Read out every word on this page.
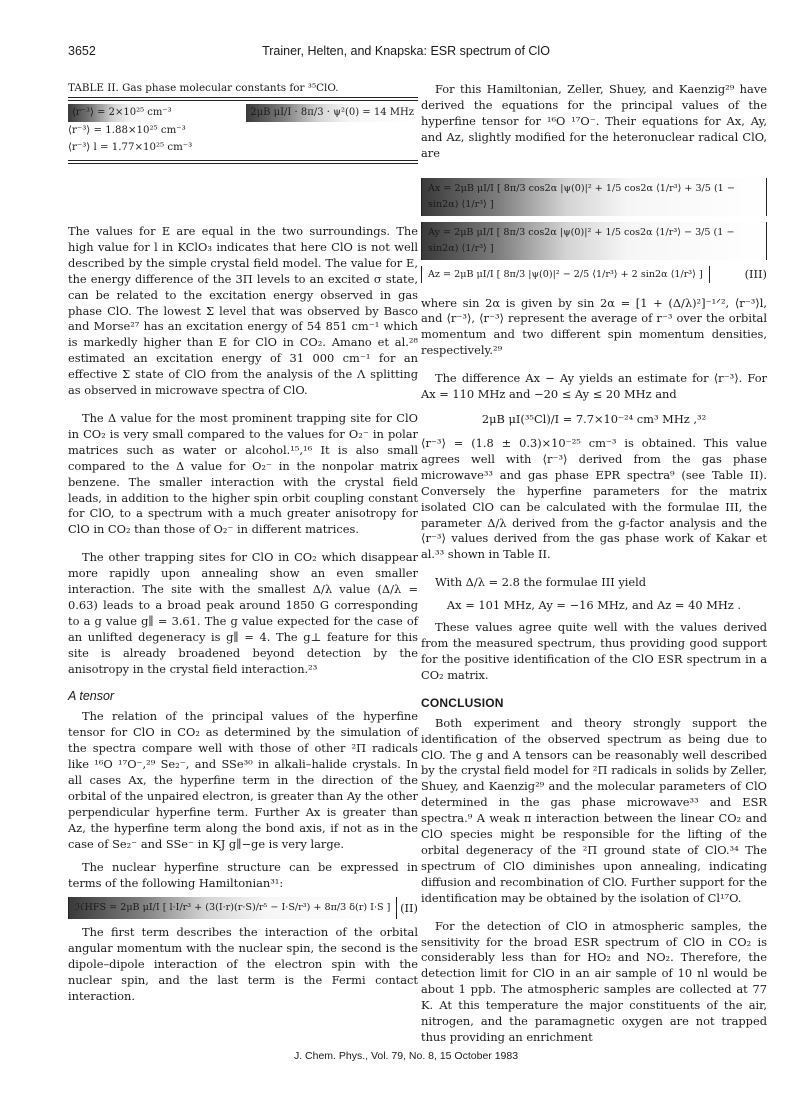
3652	Trainer, Helten, and Knapska: ESR spectrum of ClO
TABLE II. Gas phase molecular constants for ³⁵ClO.
⟨r⁻³⟩ = 2×10²⁵ cm⁻³	2μB μI/I · 8π/3 · ψ²(0) = 14 MHz
⟨r⁻³⟩ = 1.88×10²⁵ cm⁻³
⟨r⁻³⟩ l = 1.77×10²⁵ cm⁻³

The values for E are equal in the two surroundings. The high value for l in KClO₃ indicates that here ClO is not well described by the simple crystal field model. The value for E, the energy difference of the 3Π levels to an excited σ state, can be related to the excitation energy observed in gas phase ClO. The lowest Σ level that was observed by Basco and Morse²⁷ has an excitation energy of 54 851 cm⁻¹ which is markedly higher than E for ClO in CO₂. Amano et al.²⁸ estimated an excitation energy of 31 000 cm⁻¹ for an effective Σ state of ClO from the analysis of the Λ splitting as observed in microwave spectra of ClO.

The Δ value for the most prominent trapping site for ClO in CO₂ is very small compared to the values for O₂⁻ in polar matrices such as water or alcohol.¹⁵,¹⁶ It is also small compared to the Δ value for O₂⁻ in the nonpolar matrix benzene. The smaller interaction with the crystal field leads, in addition to the higher spin orbit coupling constant for ClO, to a spectrum with a much greater anisotropy for ClO in CO₂ than those of O₂⁻ in different matrices.

The other trapping sites for ClO in CO₂ which disappear more rapidly upon annealing show an even smaller interaction. The site with the smallest Δ/λ value (Δ/λ = 0.63) leads to a broad peak around 1850 G corresponding to a g value g∥ = 3.61. The g value expected for the case of an unlifted degeneracy is g∥ = 4. The g⊥ feature for this site is already broadened beyond detection by the anisotropy in the crystal field interaction.²³

A tensor

The relation of the principal values of the hyperfine tensor for ClO in CO₂ as determined by the simulation of the spectra compare well with those of other ²Π radicals like ¹⁶O ¹⁷O⁻,²⁹ Se₂⁻, and SSe³⁰ in alkali–halide crystals. In all cases Ax, the hyperfine term in the direction of the orbital of the unpaired electron, is greater than Ay the other perpendicular hyperfine term. Further Ax is greater than Az, the hyperfine term along the bond axis, if not as in the case of Se₂⁻ and SSe⁻ in KJ g∥−ge is very large.

The nuclear hyperfine structure can be expressed in terms of the following Hamiltonian³¹:

ℋHFS = 2μB μI/I [ l·I/r³ + (3(I·r)(r·S)/r⁵ − I·S/r³) + 8π/3 δ(r) I·S ] (II)

The first term describes the interaction of the orbital angular momentum with the nuclear spin, the second is the dipole–dipole interaction of the electron spin with the nuclear spin, and the last term is the Fermi contact interaction.

For this Hamiltonian, Zeller, Shuey, and Kaenzig²⁹ have derived the equations for the principal values of the hyperfine tensor for ¹⁶O ¹⁷O⁻. Their equations for Ax, Ay, and Az, slightly modified for the heteronuclear radical ClO, are

Ax = 2μB μI/I [ 8π/3 cos2α |ψ(0)|² + 1/5 cos2α ⟨1/r³⟩ + 3/5 (1 − sin2α) ⟨1/r³⟩ ]
Ay = 2μB μI/I [ 8π/3 cos2α |ψ(0)|² + 1/5 cos2α ⟨1/r³⟩ − 3/5 (1 − sin2α) ⟨1/r³⟩ ]
Az = 2μB μI/I [ 8π/3 |ψ(0)|² − 2/5 ⟨1/r³⟩ + 2 sin2α ⟨1/r³⟩ ]	(III)

where sin 2α is given by sin 2α = [1 + (Δ/λ)²]⁻¹ᐟ², ⟨r⁻³⟩l, and ⟨r⁻³⟩, ⟨r⁻³⟩ represent the average of r⁻³ over the orbital momentum and two different spin momentum densities, respectively.²⁹

The difference Ax − Ay yields an estimate for ⟨r⁻³⟩. For Ax = 110 MHz and −20 ≤ Ay ≤ 20 MHz and

2μB μI(³⁵Cl)/I = 7.7×10⁻²⁴ cm³ MHz ,³²

⟨r⁻³⟩ = (1.8 ± 0.3)×10⁻²⁵ cm⁻³ is obtained. This value agrees well with ⟨r⁻³⟩ derived from the gas phase microwave³³ and gas phase EPR spectra⁹ (see Table II). Conversely the hyperfine parameters for the matrix isolated ClO can be calculated with the formulae III, the parameter Δ/λ derived from the g-factor analysis and the ⟨r⁻³⟩ values derived from the gas phase work of Kakar et al.³³ shown in Table II.

With Δ/λ = 2.8 the formulae III yield

Ax = 101 MHz, Ay = −16 MHz, and Az = 40 MHz .

These values agree quite well with the values derived from the measured spectrum, thus providing good support for the positive identification of the ClO ESR spectrum in a CO₂ matrix.

CONCLUSION

Both experiment and theory strongly support the identification of the observed spectrum as being due to ClO. The g and A tensors can be reasonably well described by the crystal field model for ²Π radicals in solids by Zeller, Shuey, and Kaenzig²⁹ and the molecular parameters of ClO determined in the gas phase microwave³³ and ESR spectra.⁹ A weak π interaction between the linear CO₂ and ClO species might be responsible for the lifting of the orbital degeneracy of the ²Π ground state of ClO.³⁴ The spectrum of ClO diminishes upon annealing, indicating diffusion and recombination of ClO. Further support for the identification may be obtained by the isolation of Cl¹⁷O.

For the detection of ClO in atmospheric samples, the sensitivity for the broad ESR spectrum of ClO in CO₂ is considerably less than for HO₂ and NO₂. Therefore, the detection limit for ClO in an air sample of 10 nl would be about 1 ppb. The atmospheric samples are collected at 77 K. At this temperature the major constituents of the air, nitrogen, and the paramagnetic oxygen are not trapped thus providing an enrichment

J. Chem. Phys., Vol. 79, No. 8, 15 October 1983
